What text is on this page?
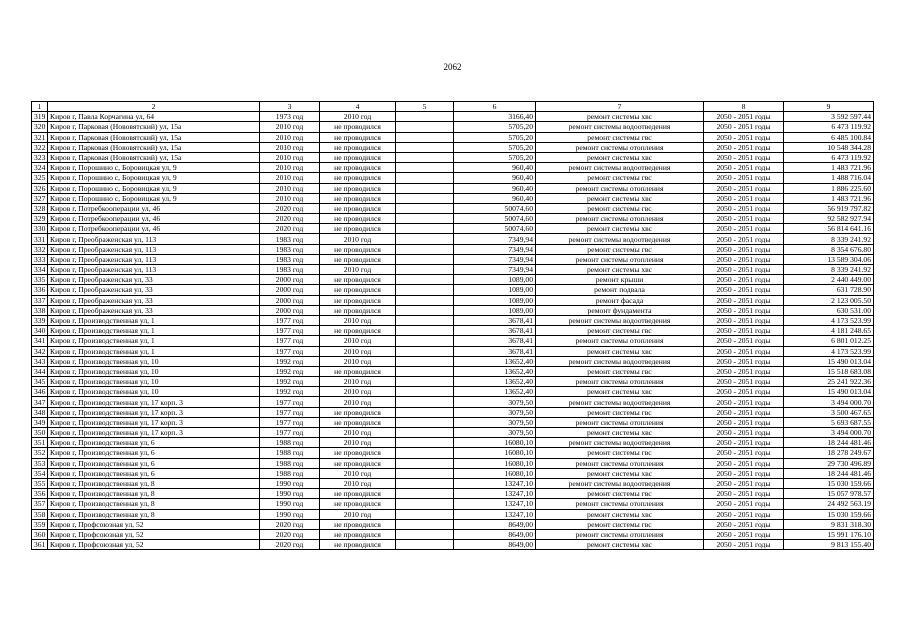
2062
1	2	3	4	5	6	7	8	9
319	Киров г, Павла Корчагина ул, 64	1973 год	2010 год		3166,40	ремонт системы хвс	2050 - 2051 годы	3 592 597.44
320	Киров г, Парковая (Нововятский) ул, 15а	2010 год	не проводился		5705,20	ремонт системы водоотведения	2050 - 2051 годы	6 473 119.92
321	Киров г, Парковая (Нововятский) ул, 15а	2010 год	не проводился		5705,20	ремонт системы гвс	2050 - 2051 годы	6 485 100.84
322	Киров г, Парковая (Нововятский) ул, 15а	2010 год	не проводился		5705,20	ремонт системы отопления	2050 - 2051 годы	10 548 344.28
323	Киров г, Парковая (Нововятский) ул, 15а	2010 год	не проводился		5705,20	ремонт системы хвс	2050 - 2051 годы	6 473 119.92
324	Киров г, Порошино с, Боровицкая ул, 9	2010 год	не проводился		960,40	ремонт системы водоотведения	2050 - 2051 годы	1 483 721.96
325	Киров г, Порошино с, Боровицкая ул, 9	2010 год	не проводился		960,40	ремонт системы гвс	2050 - 2051 годы	1 488 716.04
326	Киров г, Порошино с, Боровицкая ул, 9	2010 год	не проводился		960,40	ремонт системы отопления	2050 - 2051 годы	1 886 225.60
327	Киров г, Порошино с, Боровицкая ул, 9	2010 год	не проводился		960,40	ремонт системы хвс	2050 - 2051 годы	1 483 721.96
328	Киров г, Потребкооперации ул, 46	2020 год	не проводился		50074,60	ремонт системы гвс	2050 - 2051 годы	56 919 797.82
329	Киров г, Потребкооперации ул, 46	2020 год	не проводился		50074,60	ремонт системы отопления	2050 - 2051 годы	92 582 927.94
330	Киров г, Потребкооперации ул, 46	2020 год	не проводился		50074,60	ремонт системы хвс	2050 - 2051 годы	56 814 641.16
331	Киров г, Преображенская ул, 113	1983 год	2010 год		7349,94	ремонт системы водоотведения	2050 - 2051 годы	8 339 241.92
332	Киров г, Преображенская ул, 113	1983 год	не проводился		7349,94	ремонт системы гвс	2050 - 2051 годы	8 354 676.80
333	Киров г, Преображенская ул, 113	1983 год	не проводился		7349,94	ремонт системы отопления	2050 - 2051 годы	13 589 304.06
334	Киров г, Преображенская ул, 113	1983 год	2010 год		7349,94	ремонт системы хвс	2050 - 2051 годы	8 339 241.92
335	Киров г, Преображенская ул, 33	2000 год	не проводился		1089,00	ремонт крыши	2050 - 2051 годы	2 440 449.00
336	Киров г, Преображенская ул, 33	2000 год	не проводился		1089,00	ремонт подвала	2050 - 2051 годы	631 728.90
337	Киров г, Преображенская ул, 33	2000 год	не проводился		1089,00	ремонт фасада	2050 - 2051 годы	2 123 005.50
338	Киров г, Преображенская ул, 33	2000 год	не проводился		1089,00	ремонт фундамента	2050 - 2051 годы	630 531.00
339	Киров г, Производственная ул, 1	1977 год	2010 год		3678,41	ремонт системы водоотведения	2050 - 2051 годы	4 173 523.99
340	Киров г, Производственная ул, 1	1977 год	не проводился		3678,41	ремонт системы гвс	2050 - 2051 годы	4 181 248.65
341	Киров г, Производственная ул, 1	1977 год	2010 год		3678,41	ремонт системы отопления	2050 - 2051 годы	6 801 012.25
342	Киров г, Производственная ул, 1	1977 год	2010 год		3678,41	ремонт системы хвс	2050 - 2051 годы	4 173 523.99
343	Киров г, Производственная ул, 10	1992 год	2010 год		13652,40	ремонт системы водоотведения	2050 - 2051 годы	15 490 013.04
344	Киров г, Производственная ул, 10	1992 год	не проводился		13652,40	ремонт системы гвс	2050 - 2051 годы	15 518 683.08
345	Киров г, Производственная ул, 10	1992 год	2010 год		13652,40	ремонт системы отопления	2050 - 2051 годы	25 241 922.36
346	Киров г, Производственная ул, 10	1992 год	2010 год		13652,40	ремонт системы хвс	2050 - 2051 годы	15 490 013.04
347	Киров г, Производственная ул, 17 корп. 3	1977 год	2010 год		3079,50	ремонт системы водоотведения	2050 - 2051 годы	3 494 000.70
348	Киров г, Производственная ул, 17 корп. 3	1977 год	не проводился		3079,50	ремонт системы гвс	2050 - 2051 годы	3 500 467.65
349	Киров г, Производственная ул, 17 корп. 3	1977 год	не проводился		3079,50	ремонт системы отопления	2050 - 2051 годы	5 693 687.55
350	Киров г, Производственная ул, 17 корп. 3	1977 год	2010 год		3079,50	ремонт системы хвс	2050 - 2051 годы	3 494 000.70
351	Киров г, Производственная ул, 6	1988 год	2010 год		16080,10	ремонт системы водоотведения	2050 - 2051 годы	18 244 481.46
352	Киров г, Производственная ул, 6	1988 год	не проводился		16080,10	ремонт системы гвс	2050 - 2051 годы	18 278 249.67
353	Киров г, Производственная ул, 6	1988 год	не проводился		16080,10	ремонт системы отопления	2050 - 2051 годы	29 730 496.89
354	Киров г, Производственная ул, 6	1988 год	2010 год		16080,10	ремонт системы хвс	2050 - 2051 годы	18 244 481.46
355	Киров г, Производственная ул, 8	1990 год	2010 год		13247,10	ремонт системы водоотведения	2050 - 2051 годы	15 030 159.66
356	Киров г, Производственная ул, 8	1990 год	не проводился		13247,10	ремонт системы гвс	2050 - 2051 годы	15 057 978.57
357	Киров г, Производственная ул, 8	1990 год	не проводился		13247,10	ремонт системы отопления	2050 - 2051 годы	24 492 563.19
358	Киров г, Производственная ул, 8	1990 год	2010 год		13247,10	ремонт системы хвс	2050 - 2051 годы	15 030 159.66
359	Киров г, Профсоюзная ул, 52	2020 год	не проводился		8649,00	ремонт системы гвс	2050 - 2051 годы	9 831 318.30
360	Киров г, Профсоюзная ул, 52	2020 год	не проводился		8649,00	ремонт системы отопления	2050 - 2051 годы	15 991 176.10
361	Киров г, Профсоюзная ул, 52	2020 год	не проводился		8649,00	ремонт системы хвс	2050 - 2051 годы	9 813 155.40
